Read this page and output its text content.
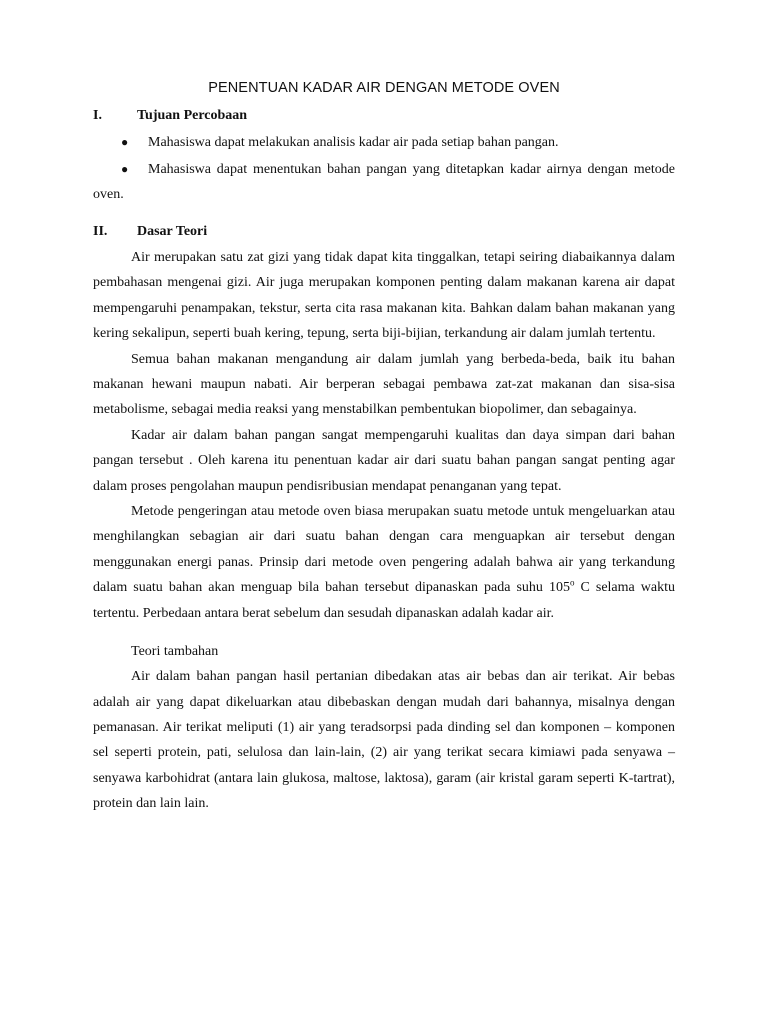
PENENTUAN KADAR AIR DENGAN METODE OVEN
I.	Tujuan Percobaan
● Mahasiswa dapat melakukan analisis kadar air pada setiap bahan pangan.
● Mahasiswa dapat menentukan bahan pangan yang ditetapkan kadar airnya dengan metode oven.
II.	Dasar Teori

Air merupakan satu zat gizi yang tidak dapat kita tinggalkan, tetapi seiring diabaikannya dalam pembahasan mengenai gizi. Air juga merupakan komponen penting dalam makanan karena air dapat mempengaruhi penampakan, tekstur, serta cita rasa makanan kita. Bahkan dalam bahan makanan yang kering sekalipun, seperti buah kering, tepung, serta biji-bijian, terkandung air dalam jumlah tertentu.

Semua bahan makanan mengandung air dalam jumlah yang berbeda-beda, baik itu bahan makanan hewani maupun nabati. Air berperan sebagai pembawa zat-zat makanan dan sisa-sisa metabolisme, sebagai media reaksi yang menstabilkan pembentukan biopolimer, dan sebagainya.

Kadar air dalam bahan pangan sangat mempengaruhi kualitas dan daya simpan dari bahan pangan tersebut . Oleh karena itu penentuan kadar air dari suatu bahan pangan sangat penting agar dalam proses pengolahan maupun pendisribusian mendapat penanganan yang tepat.

Metode pengeringan atau metode oven biasa merupakan suatu metode untuk mengeluarkan atau menghilangkan sebagian air dari suatu bahan dengan cara menguapkan air tersebut dengan menggunakan energi panas. Prinsip dari metode oven pengering adalah bahwa air yang terkandung dalam suatu bahan akan menguap bila bahan tersebut dipanaskan pada suhu 105$^o$ C selama waktu tertentu. Perbedaan antara berat sebelum dan sesudah dipanaskan adalah kadar air.

Teori tambahan

Air dalam bahan pangan hasil pertanian dibedakan atas air bebas dan air terikat. Air bebas adalah air yang dapat dikeluarkan atau dibebaskan dengan mudah dari bahannya, misalnya dengan pemanasan. Air terikat meliputi (1) air yang teradsorpsi pada dinding sel dan komponen – komponen sel seperti protein, pati, selulosa dan lain-lain, (2) air yang terikat secara kimiawi pada senyawa – senyawa karbohidrat (antara lain glukosa, maltose, laktosa), garam (air kristal garam seperti K-tartrat), protein dan lain lain.
